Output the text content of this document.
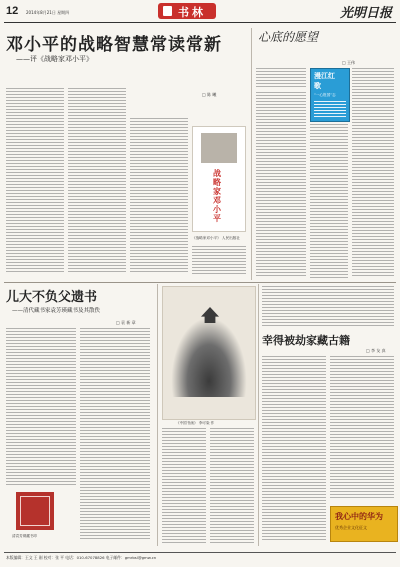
12 2014年8月21日 星期四	书林	光明日报
邓小平的战略智慧常读常新
——评《战略家邓小平》
□ 陈 曦
战略家邓小平
《战略家邓小平》 人民出版社
心底的愿望
□ 王伟
漫江红
歌
“一心报国”志
儿大不负父遗书
——清代藏书家袁芳瑛藏书及其散佚
□ 袁 新 章
清袁芳瑛藏书印
《中国书画》 李可染 作
幸得被劫家藏古籍
□ 李 友 真
我心中的华为
优秀企业文化征文
本版编辑：王文 王 刚 校对：张 平 电话：010-67078826 电子邮件：gmrbsl@gmw.cn
